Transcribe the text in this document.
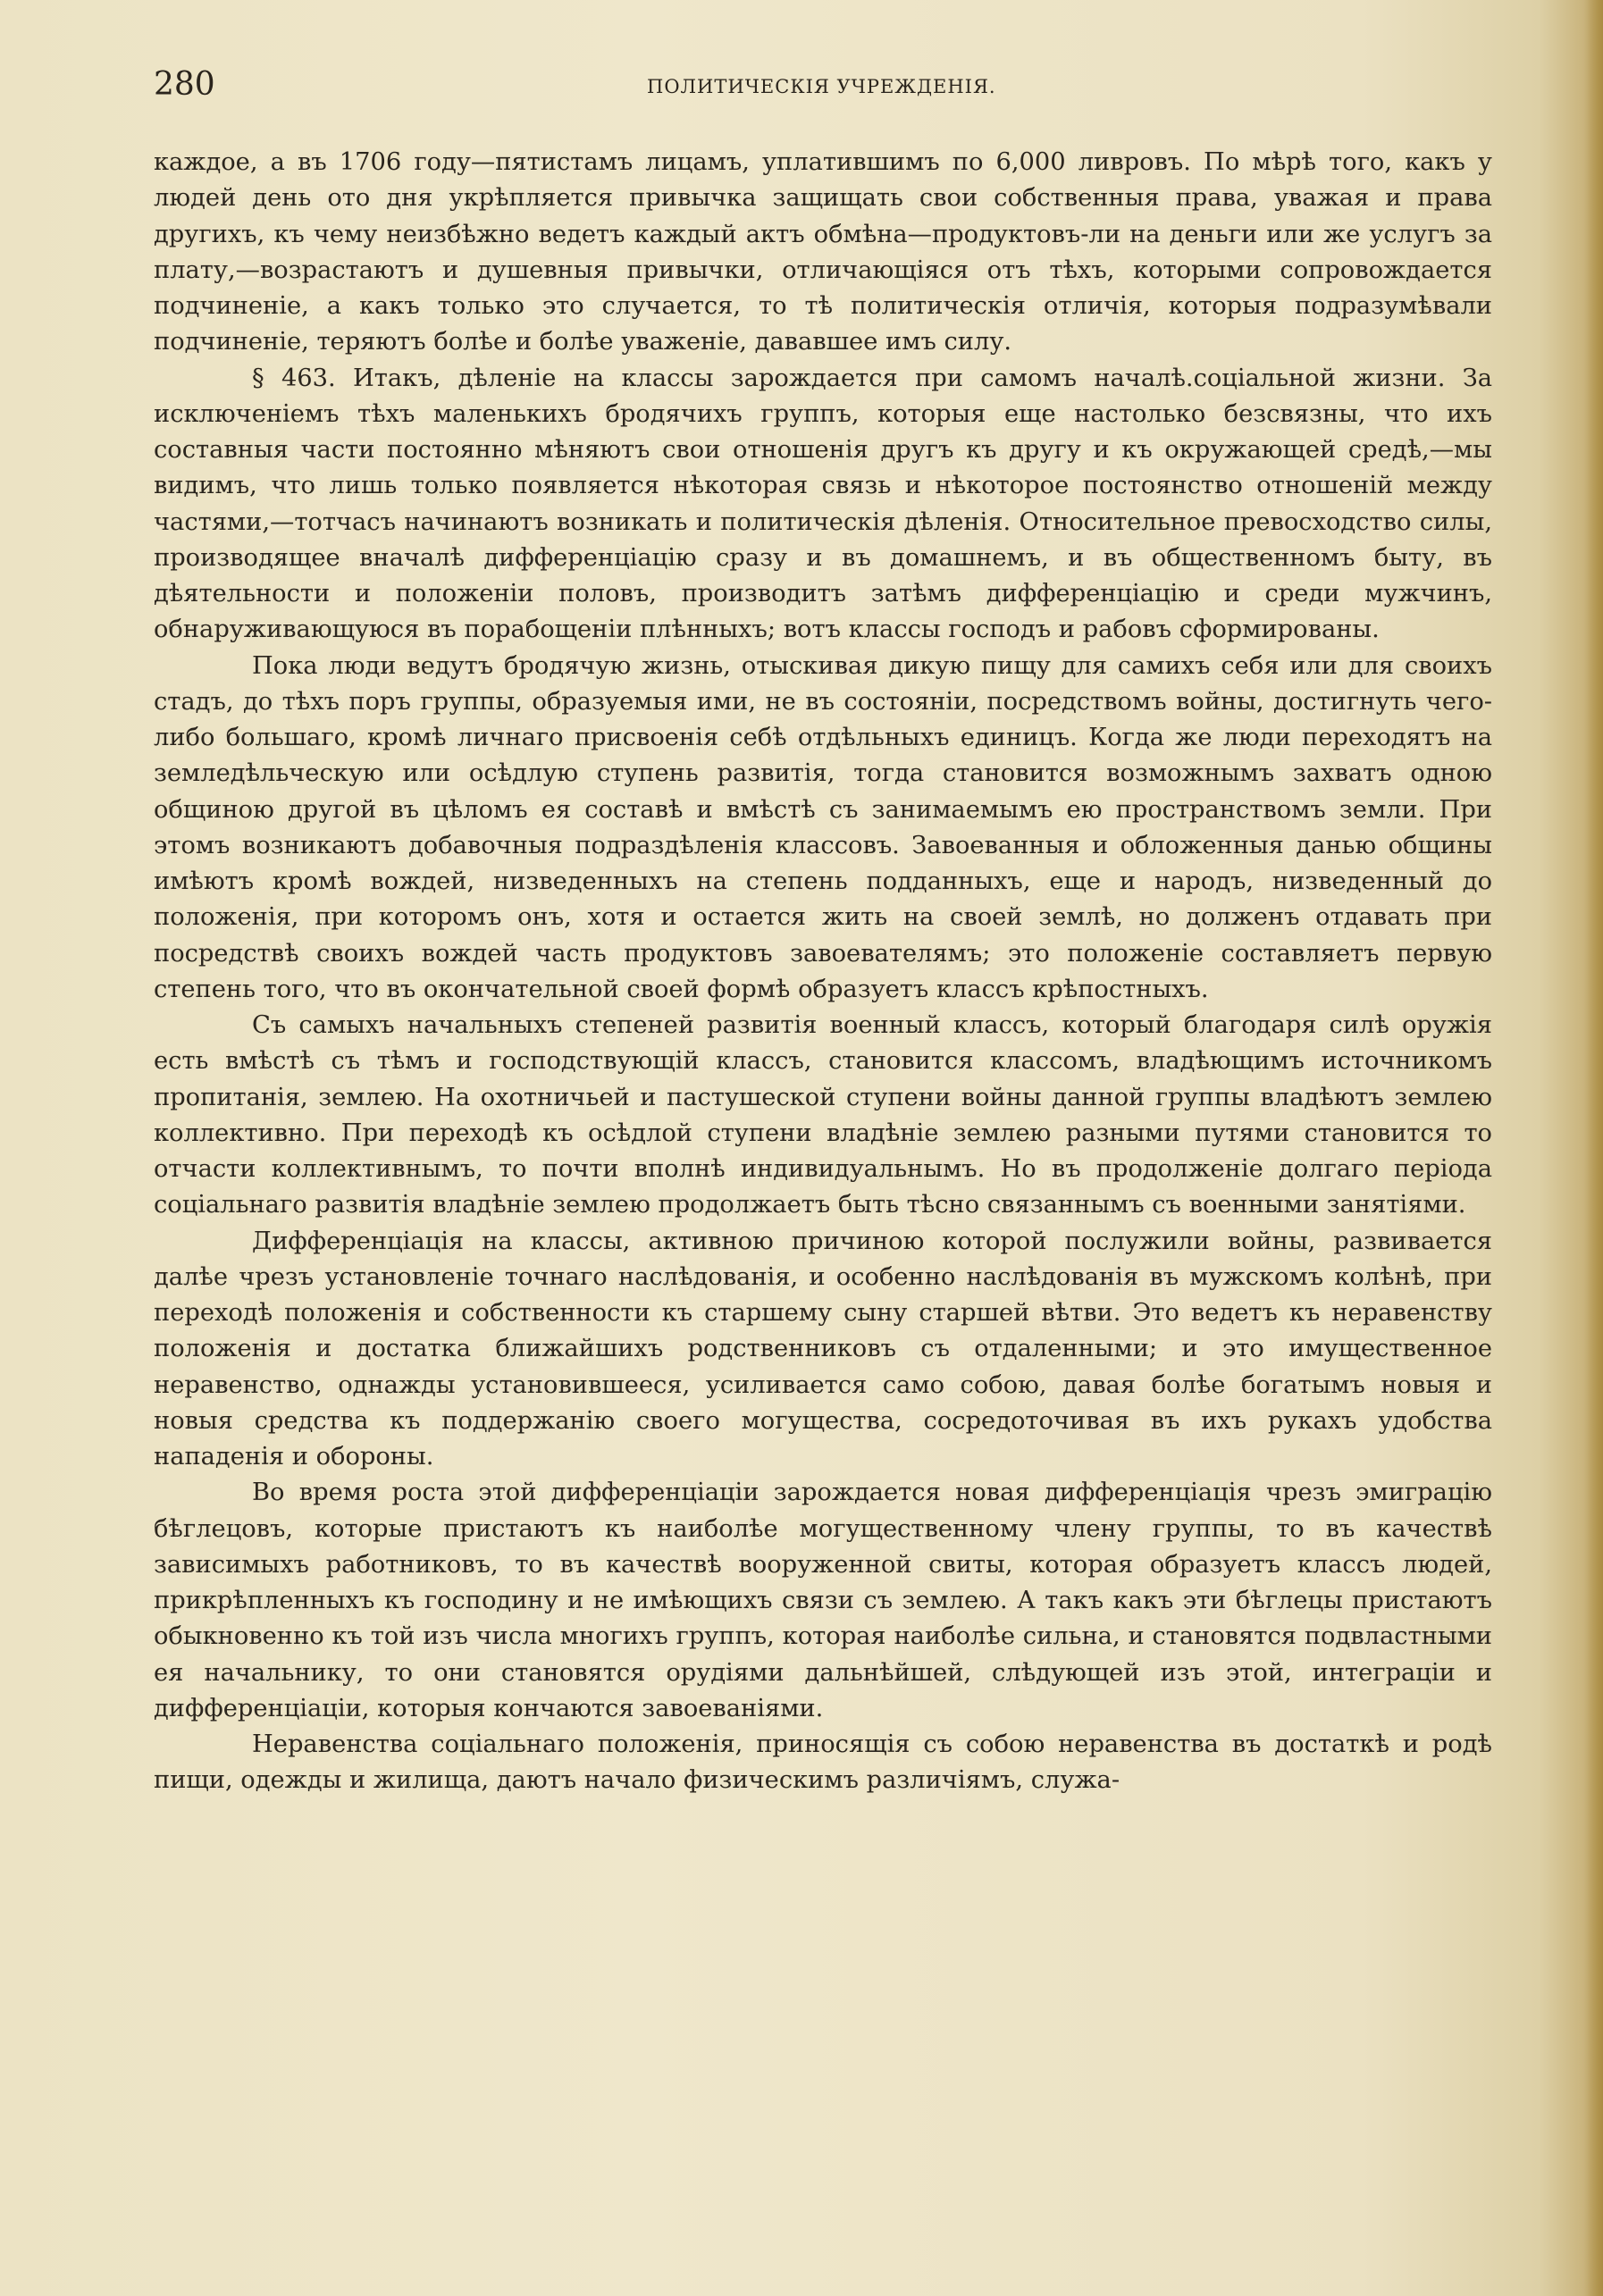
280	ПОЛИТИЧЕСКІЯ УЧРЕЖДЕНІЯ.

каждое, а въ 1706 году—пятистамъ лицамъ, уплатившимъ по 6,000 ливровъ. По мѣрѣ того, какъ у людей день ото дня укрѣпляется привычка защищать свои собственныя права, уважая и права другихъ, къ чему неизбѣжно ведетъ каждый актъ обмѣна—продуктовъ-ли на деньги или же услугъ за плату,—возрастаютъ и душевныя привычки, отличающіяся отъ тѣхъ, которыми сопровождается подчиненіе, а какъ только это случается, то тѣ политическія отличія, которыя подразумѣвали подчиненіе, теряютъ болѣе и болѣе уваженіе, дававшее имъ силу.

§ 463. Итакъ, дѣленіе на классы зарождается при самомъ началѣ.соціальной жизни. За исключеніемъ тѣхъ маленькихъ бродячихъ группъ, которыя еще настолько безсвязны, что ихъ составныя части постоянно мѣняютъ свои отношенія другъ къ другу и къ окружающей средѣ,—мы видимъ, что лишь только появляется нѣкоторая связь и нѣкоторое постоянство отношеній между частями,—тотчасъ начинаютъ возникать и политическія дѣленія. Относительное превосходство силы, производящее вначалѣ дифференціацію сразу и въ домашнемъ, и въ общественномъ быту, въ дѣятельности и положеніи половъ, производитъ затѣмъ дифференціацію и среди мужчинъ, обнаруживающуюся въ порабощеніи плѣнныхъ; вотъ классы господъ и рабовъ сформированы.

Пока люди ведутъ бродячую жизнь, отыскивая дикую пищу для самихъ себя или для своихъ стадъ, до тѣхъ поръ группы, образуемыя ими, не въ состояніи, посредствомъ войны, достигнуть чего-либо большаго, кромѣ личнаго присвоенія себѣ отдѣльныхъ единицъ. Когда же люди переходятъ на земледѣльческую или осѣдлую ступень развитія, тогда становится возможнымъ захватъ одною общиною другой въ цѣломъ ея составѣ и вмѣстѣ съ занимаемымъ ею пространствомъ земли. При этомъ возникаютъ добавочныя подраздѣленія классовъ. Завоеванныя и обложенныя данью общины имѣютъ кромѣ вождей, низведенныхъ на степень подданныхъ, еще и народъ, низведенный до положенія, при которомъ онъ, хотя и остается жить на своей землѣ, но долженъ отдавать при посредствѣ своихъ вождей часть продуктовъ завоевателямъ; это положеніе составляетъ первую степень того, что въ окончательной своей формѣ образуетъ классъ крѣпостныхъ.

Съ самыхъ начальныхъ степеней развитія военный классъ, который благодаря силѣ оружія есть вмѣстѣ съ тѣмъ и господствующій классъ, становится классомъ, владѣющимъ источникомъ пропитанія, землею. На охотничьей и пастушеской ступени войны данной группы владѣютъ землею коллективно. При переходѣ къ осѣдлой ступени владѣніе землею разными путями становится то отчасти коллективнымъ, то почти вполнѣ индивидуальнымъ. Но въ продолженіе долгаго періода соціальнаго развитія владѣніе землею продолжаетъ быть тѣсно связаннымъ съ военными занятіями.

Дифференціація на классы, активною причиною которой послужили войны, развивается далѣе чрезъ установленіе точнаго наслѣдованія, и особенно наслѣдованія въ мужскомъ колѣнѣ, при переходѣ положенія и собственности къ старшему сыну старшей вѣтви. Это ведетъ къ неравенству положенія и достатка ближайшихъ родственниковъ съ отдаленными; и это имущественное неравенство, однажды установившееся, усиливается само собою, давая болѣе богатымъ новыя и новыя средства къ поддержанію своего могущества, сосредоточивая въ ихъ рукахъ удобства нападенія и обороны.

Во время роста этой дифференціаціи зарождается новая дифференціація чрезъ эмиграцію бѣглецовъ, которые пристаютъ къ наиболѣе могущественному члену группы, то въ качествѣ зависимыхъ работниковъ, то въ качествѣ вооруженной свиты, которая образуетъ классъ людей, прикрѣпленныхъ къ господину и не имѣющихъ связи съ землею. А такъ какъ эти бѣглецы пристаютъ обыкновенно къ той изъ числа многихъ группъ, которая наиболѣе сильна, и становятся подвластными ея начальнику, то они становятся орудіями дальнѣйшей, слѣдующей изъ этой, интеграціи и дифференціаціи, которыя кончаются завоеваніями.

Неравенства соціальнаго положенія, приносящія съ собою неравенства въ достаткѣ и родѣ пищи, одежды и жилища, даютъ начало физическимъ различіямъ, служа-
